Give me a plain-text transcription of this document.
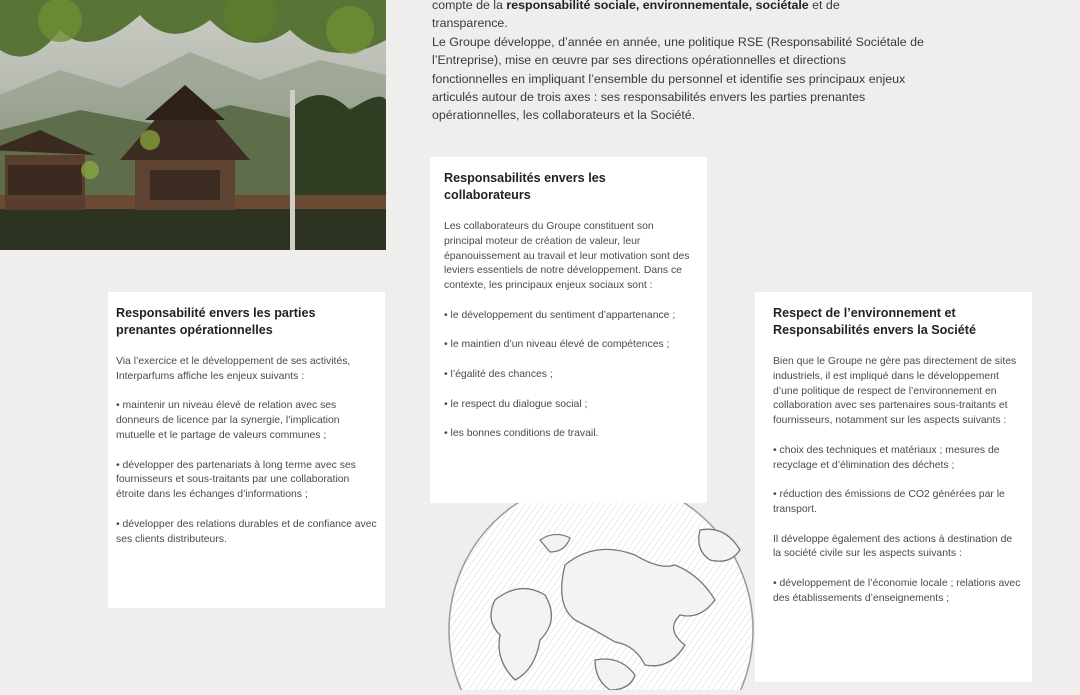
compte de la responsabilité sociale, environnementale, sociétale et de
transparence.

Le Groupe développe, d’année en année, une politique RSE (Responsabilité Sociétale de l’Entreprise), mise en œuvre par ses directions opérationnelles et directions fonctionnelles en impliquant l’ensemble du personnel et identifie ses principaux enjeux articulés autour de trois axes : ses responsabilités envers les parties prenantes opérationnelles, les collaborateurs et la Société.

Responsabilité envers les parties prenantes opérationnelles

Via l’exercice et le développement de ses activités, Interparfums affiche les enjeux suivants :

• maintenir un niveau élevé de relation avec ses donneurs de licence par la synergie, l’implication mutuelle et le partage de valeurs communes ;

• développer des partenariats à long terme avec ses fournisseurs et sous-traitants par une collaboration étroite dans les échanges d’informations ;

• développer des relations durables et de confiance avec ses clients distributeurs.

Responsabilités envers les collaborateurs

Les collaborateurs du Groupe constituent son principal moteur de création de valeur, leur épanouissement au travail et leur motivation sont des leviers essentiels de notre développement. Dans ce contexte, les principaux enjeux sociaux sont :

• le développement du sentiment d’appartenance ;

• le maintien d’un niveau élevé de compétences ;

• l’égalité des chances ;

• le respect du dialogue social ;

• les bonnes conditions de travail.

Respect de l’environnement et Responsabilités envers la Société

Bien que le Groupe ne gère pas directement de sites industriels, il est impliqué dans le développement d’une politique de respect de l’environnement en collaboration avec ses partenaires sous-traitants et fournisseurs, notamment sur les aspects suivants :

• choix des techniques et matériaux ; mesures de recyclage et d’élimination des déchets ;

• réduction des émissions de CO2 générées par le transport.

Il développe également des actions à destination de la société civile sur les aspects suivants :

• développement de l’économie locale ; relations avec des établissements d’enseignements ;
